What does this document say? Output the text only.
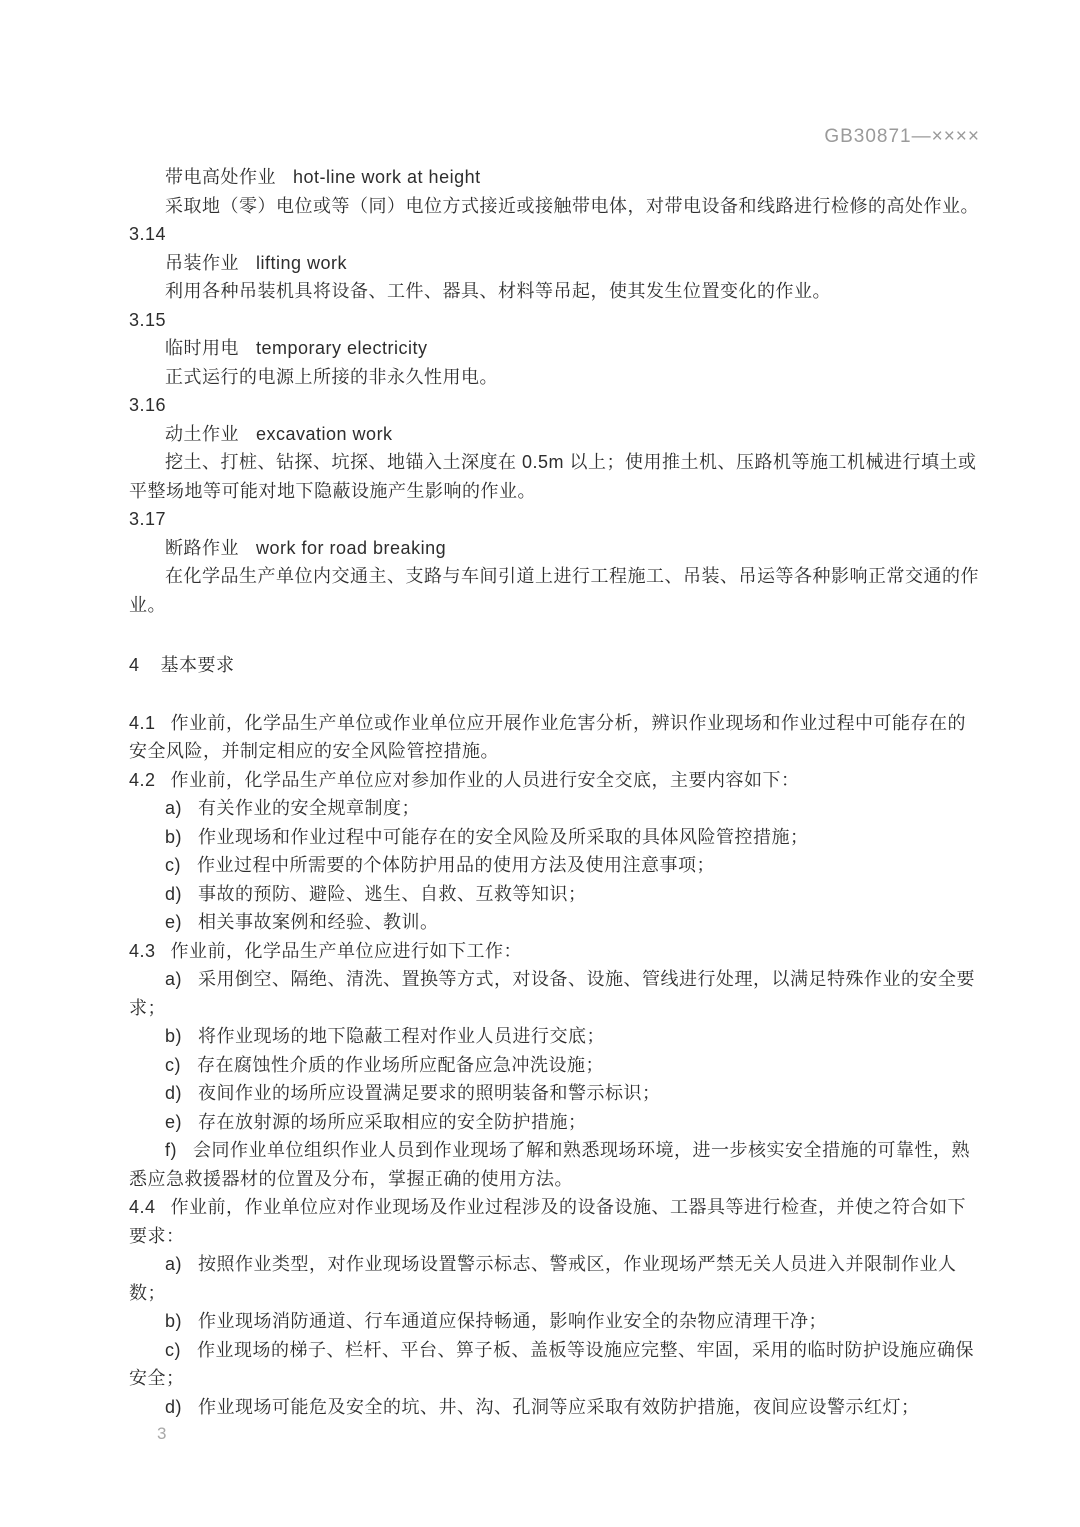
GB30871—××××

带电高处作业 hot-line work at height

采取地（零）电位或等（同）电位方式接近或接触带电体，对带电设备和线路进行检修的高处作业。

3.14

吊装作业 lifting work

利用各种吊装机具将设备、工件、器具、材料等吊起，使其发生位置变化的作业。

3.15

临时用电 temporary electricity

正式运行的电源上所接的非永久性用电。

3.16

动土作业 excavation work

挖土、打桩、钻探、坑探、地锚入土深度在 0.5m 以上；使用推土机、压路机等施工机械进行填土或平整场地等可能对地下隐蔽设施产生影响的作业。

3.17

断路作业 work for road breaking

在化学品生产单位内交通主、支路与车间引道上进行工程施工、吊装、吊运等各种影响正常交通的作业。

4 基本要求

4.1 作业前，化学品生产单位或作业单位应开展作业危害分析，辨识作业现场和作业过程中可能存在的安全风险，并制定相应的安全风险管控措施。

4.2 作业前，化学品生产单位应对参加作业的人员进行安全交底，主要内容如下：

a) 有关作业的安全规章制度；

b) 作业现场和作业过程中可能存在的安全风险及所采取的具体风险管控措施；

c) 作业过程中所需要的个体防护用品的使用方法及使用注意事项；

d) 事故的预防、避险、逃生、自救、互救等知识；

e) 相关事故案例和经验、教训。

4.3 作业前，化学品生产单位应进行如下工作：

a) 采用倒空、隔绝、清洗、置换等方式，对设备、设施、管线进行处理，以满足特殊作业的安全要求；

b) 将作业现场的地下隐蔽工程对作业人员进行交底；

c) 存在腐蚀性介质的作业场所应配备应急冲洗设施；

d) 夜间作业的场所应设置满足要求的照明装备和警示标识；

e) 存在放射源的场所应采取相应的安全防护措施；

f) 会同作业单位组织作业人员到作业现场了解和熟悉现场环境，进一步核实安全措施的可靠性，熟悉应急救援器材的位置及分布，掌握正确的使用方法。

4.4 作业前，作业单位应对作业现场及作业过程涉及的设备设施、工器具等进行检查，并使之符合如下要求：

a) 按照作业类型，对作业现场设置警示标志、警戒区，作业现场严禁无关人员进入并限制作业人数；

b) 作业现场消防通道、行车通道应保持畅通，影响作业安全的杂物应清理干净；

c) 作业现场的梯子、栏杆、平台、箅子板、盖板等设施应完整、牢固，采用的临时防护设施应确保安全；

d) 作业现场可能危及安全的坑、井、沟、孔洞等应采取有效防护措施，夜间应设警示红灯；

3
